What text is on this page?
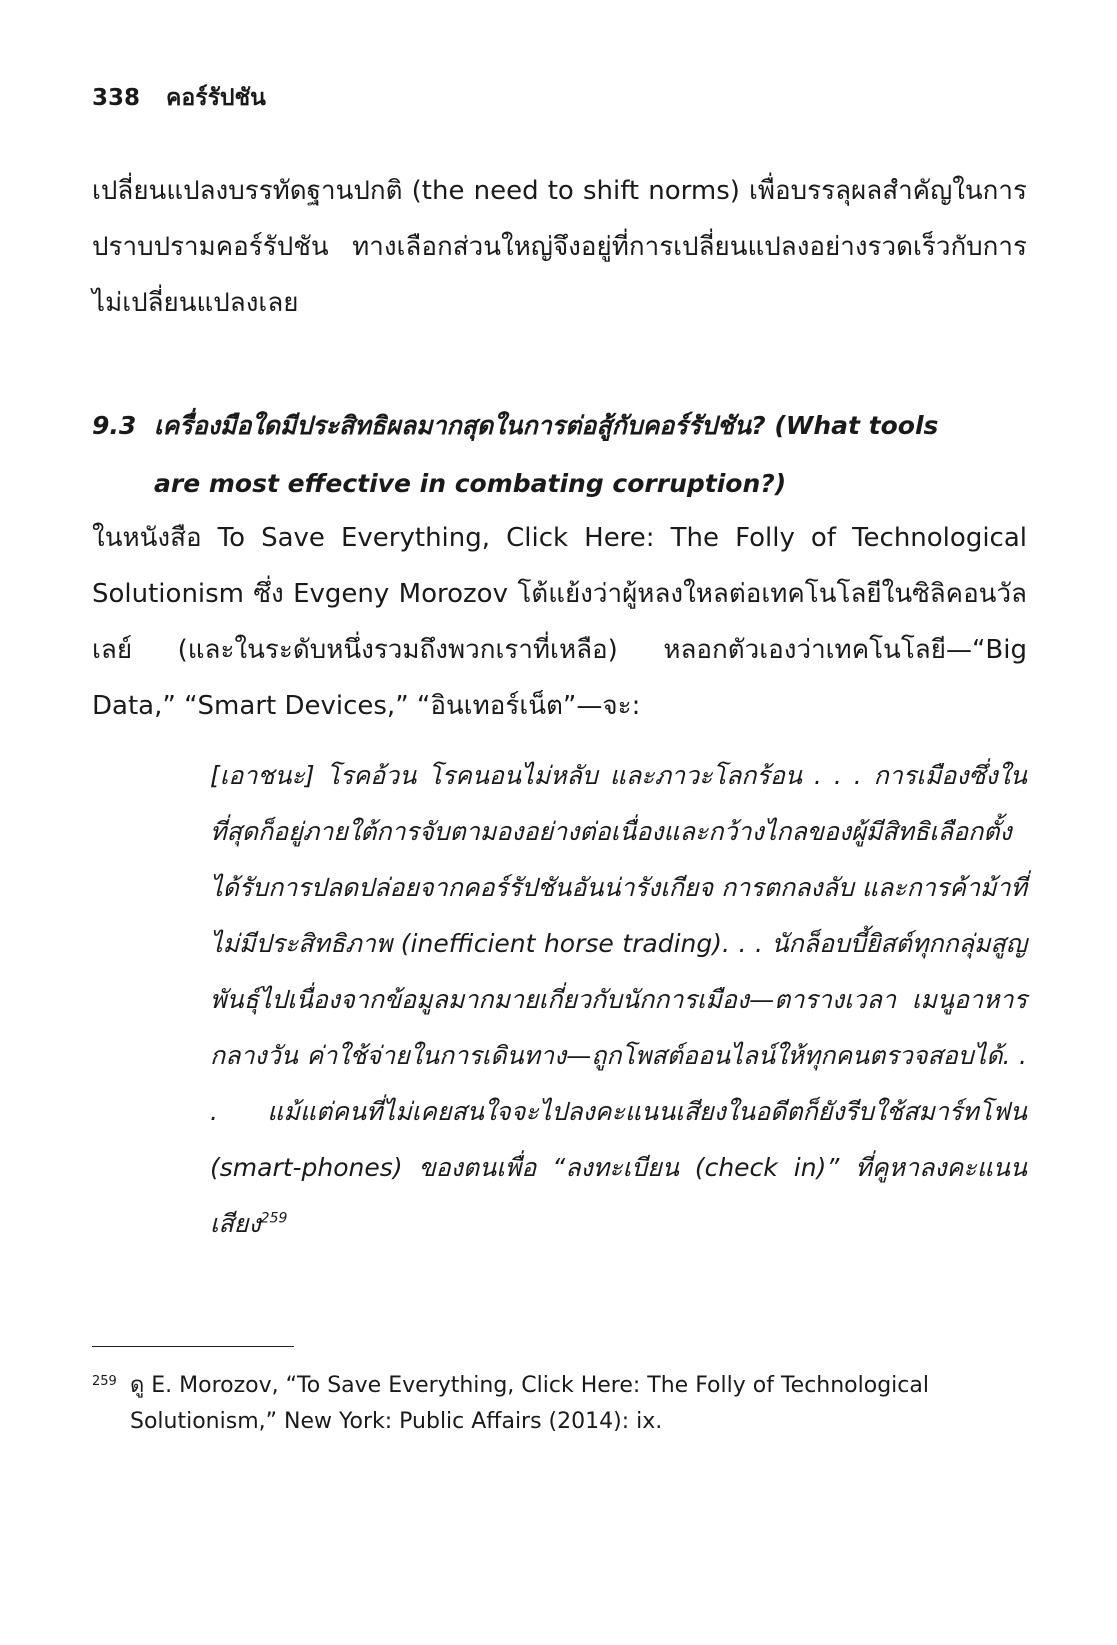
338 คอร์รัปชัน

เปลี่ยนแปลงบรรทัดฐานปกติ (the need to shift norms) เพื่อบรรลุผลสำคัญในการปราบปรามคอร์รัปชัน ทางเลือกส่วนใหญ่จึงอยู่ที่การเปลี่ยนแปลงอย่างรวดเร็วกับการไม่เปลี่ยนแปลงเลย

9.3 เครื่องมือใดมีประสิทธิผลมากสุดในการต่อสู้กับคอร์รัปชัน? (What tools
are most effective in combating corruption?)

ในหนังสือ To Save Everything, Click Here: The Folly of Technological Solutionism ซึ่ง Evgeny Morozov โต้แย้งว่าผู้หลงใหลต่อเทคโนโลยีในซิลิคอนวัลเลย์ (และในระดับหนึ่งรวมถึงพวกเราที่เหลือ) หลอกตัวเองว่าเทคโนโลยี—“Big Data,” “Smart Devices,” “อินเทอร์เน็ต”—จะ:

[เอาชนะ] โรคอ้วน โรคนอนไม่หลับ และภาวะโลกร้อน . . . การเมืองซึ่งในที่สุดก็อยู่ภายใต้การจับตามองอย่างต่อเนื่องและกว้างไกลของผู้มีสิทธิเลือกตั้ง ได้รับการปลดปล่อยจากคอร์รัปชันอันน่ารังเกียจ การตกลงลับ และการค้าม้าที่ไม่มีประสิทธิภาพ (inefficient horse trading). . . นักล็อบบี้ยิสต์ทุกกลุ่มสูญพันธุ์ไปเนื่องจากข้อมูลมากมายเกี่ยวกับนักการเมือง—ตารางเวลา เมนูอาหารกลางวัน ค่าใช้จ่ายในการเดินทาง—ถูกโพสต์ออนไลน์ให้ทุกคนตรวจสอบได้. . . แม้แต่คนที่ไม่เคยสนใจจะไปลงคะแนนเสียงในอดีตก็ยังรีบใช้สมาร์ทโฟน (smart-phones) ของตนเพื่อ “ลงทะเบียน (check in)” ที่คูหาลงคะแนนเสียง$^{259}$

259 ดู E. Morozov, “To Save Everything, Click Here: The Folly of Technological Solutionism,” New York: Public Affairs (2014): ix.
